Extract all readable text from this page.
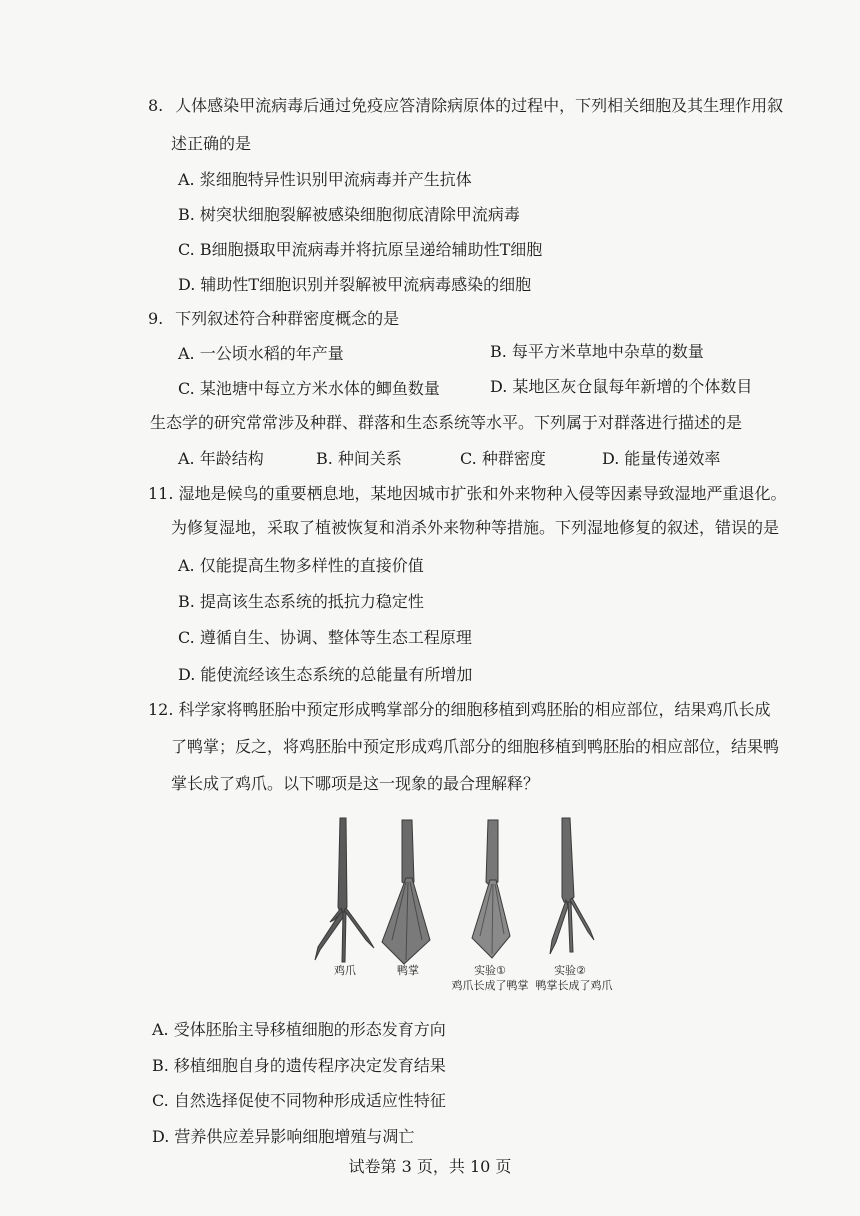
8. 人体感染甲流病毒后通过免疫应答清除病原体的过程中，下列相关细胞及其生理作用叙
述正确的是
A. 浆细胞特异性识别甲流病毒并产生抗体
B. 树突状细胞裂解被感染细胞彻底清除甲流病毒
C. B细胞摄取甲流病毒并将抗原呈递给辅助性T细胞
D. 辅助性T细胞识别并裂解被甲流病毒感染的细胞
9. 下列叙述符合种群密度概念的是
A. 一公顷水稻的年产量	B. 每平方米草地中杂草的数量
C. 某池塘中每立方米水体的鲫鱼数量	D. 某地区灰仓鼠每年新增的个体数目
生态学的研究常常涉及种群、群落和生态系统等水平。下列属于对群落进行描述的是
A. 年龄结构	B. 种间关系	C. 种群密度	D. 能量传递效率
11. 湿地是候鸟的重要栖息地，某地因城市扩张和外来物种入侵等因素导致湿地严重退化。
为修复湿地，采取了植被恢复和消杀外来物种等措施。下列湿地修复的叙述，错误的是
A. 仅能提高生物多样性的直接价值
B. 提高该生态系统的抵抗力稳定性
C. 遵循自生、协调、整体等生态工程原理
D. 能使流经该生态系统的总能量有所增加
12. 科学家将鸭胚胎中预定形成鸭掌部分的细胞移植到鸡胚胎的相应部位，结果鸡爪长成
了鸭掌；反之，将鸡胚胎中预定形成鸡爪部分的细胞移植到鸭胚胎的相应部位，结果鸭
掌长成了鸡爪。以下哪项是这一现象的最合理解释？
鸡爪	鸭掌	实验①	实验②
鸡爪长成了鸭掌 鸭掌长成了鸡爪
A. 受体胚胎主导移植细胞的形态发育方向
B. 移植细胞自身的遗传程序决定发育结果
C. 自然选择促使不同物种形成适应性特征
D. 营养供应差异影响细胞增殖与凋亡
试卷第 3 页，共 10 页
